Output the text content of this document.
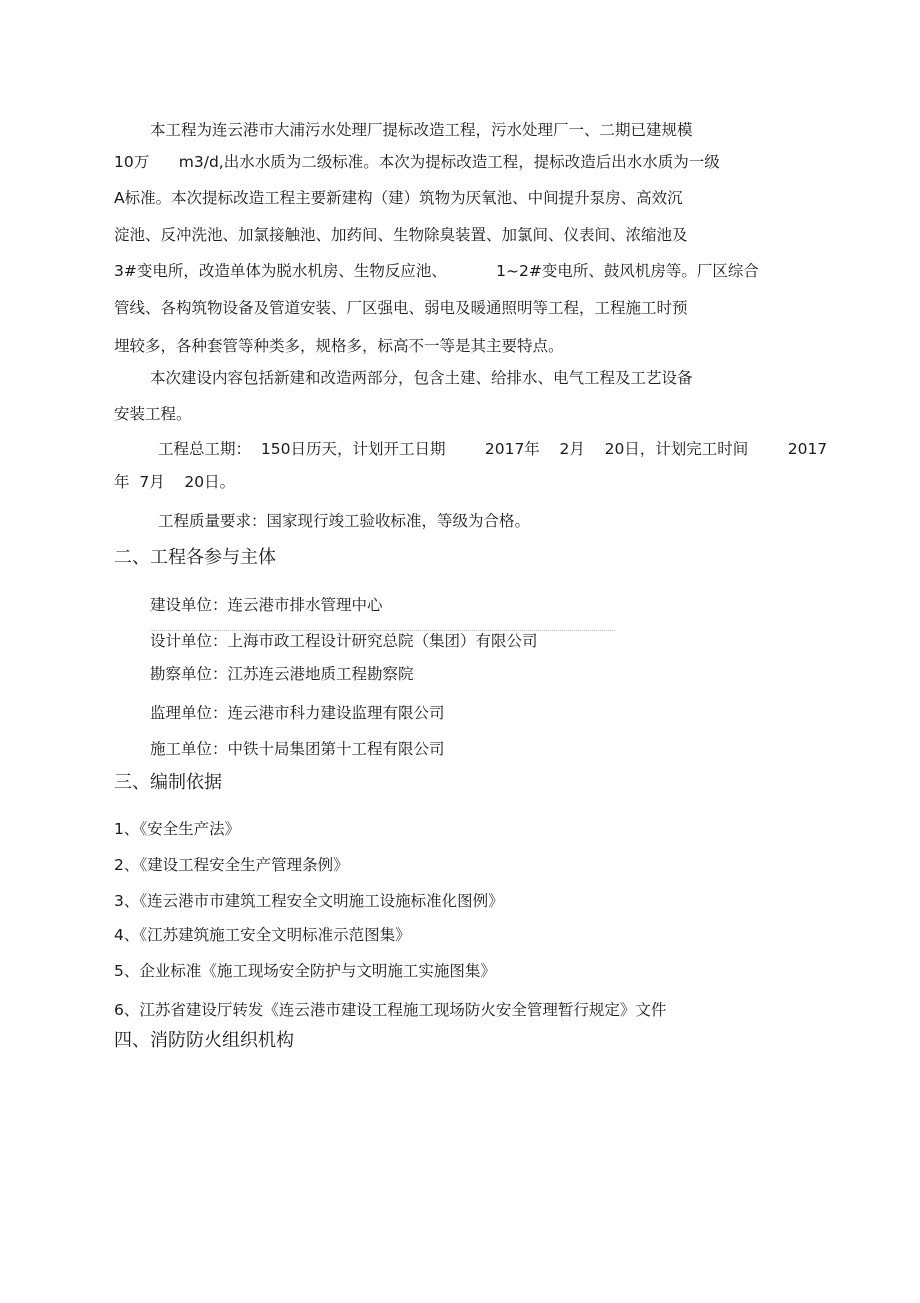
本工程为连云港市大浦污水处理厂提标改造工程，污水处理厂一、二期已建规模
10万      m3/d,出水水质为二级标准。本次为提标改造工程，提标改造后出水水质为一级
A标准。本次提标改造工程主要新建构（建）筑物为厌氧池、中间提升泵房、高效沉
淀池、反冲洗池、加氯接触池、加药间、生物除臭装置、加氯间、仪表间、浓缩池及
3#变电所，改造单体为脱水机房、生物反应池、          1~2#变电所、鼓风机房等。厂区综合
管线、各构筑物设备及管道安装、厂区强电、弱电及暖通照明等工程，工程施工时预
埋较多，各种套管等种类多，规格多，标高不一等是其主要特点。
本次建设内容包括新建和改造两部分，包含土建、给排水、电气工程及工艺设备
安装工程。
工程总工期：  150日历天，计划开工日期        2017年    2月    20日，计划完工时间        2017
年  7月    20日。
工程质量要求：国家现行竣工验收标准，等级为合格。
二、工程各参与主体
建设单位：连云港市排水管理中心
设计单位：上海市政工程设计研究总院（集团）有限公司
勘察单位：江苏连云港地质工程勘察院
监理单位：连云港市科力建设监理有限公司
施工单位：中铁十局集团第十工程有限公司
三、编制依据
1、《安全生产法》
2、《建设工程安全生产管理条例》
3、《连云港市市建筑工程安全文明施工设施标准化图例》
4、《江苏建筑施工安全文明标准示范图集》
5、企业标准《施工现场安全防护与文明施工实施图集》
6、江苏省建设厅转发《连云港市建设工程施工现场防火安全管理暂行规定》文件
四、消防防火组织机构
